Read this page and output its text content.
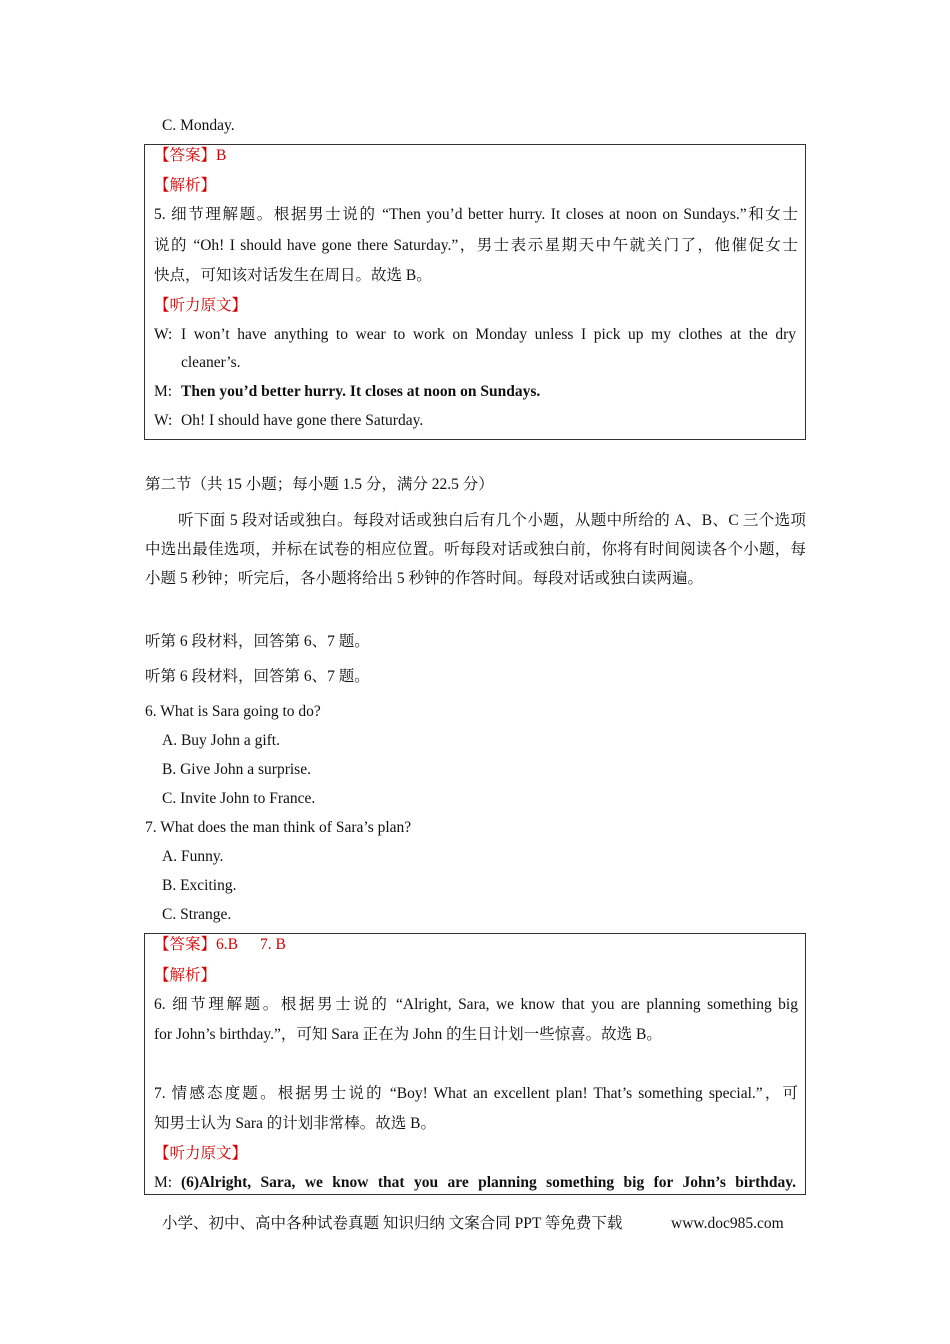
C. Monday.
【答案】B
【解析】
5. 细节理解题。根据男士说的 “Then you’d better hurry. It closes at noon on Sundays.”和女士
说的 “Oh! I should have gone there Saturday.”，男士表示星期天中午就关门了，他催促女士
快点，可知该对话发生在周日。故选 B。
【听力原文】
W: I won’t have anything to wear to work on Monday unless I pick up my clothes at the dry
cleaner’s.
M: Then you’d better hurry. It closes at noon on Sundays.
W: Oh! I should have gone there Saturday.
第二节（共 15 小题；每小题 1.5 分，满分 22.5 分）
听下面 5 段对话或独白。每段对话或独白后有几个小题，从题中所给的 A、B、C 三个选项中选出最佳选项，并标在试卷的相应位置。听每段对话或独白前，你将有时间阅读各个小题，每小题 5 秒钟；听完后，各小题将给出 5 秒钟的作答时间。每段对话或独白读两遍。
听第 6 段材料，回答第 6、7 题。
听第 6 段材料，回答第 6、7 题。
6. What is Sara going to do?
A. Buy John a gift.
B. Give John a surprise.
C. Invite John to France.
7. What does the man think of Sara’s plan?
A. Funny.
B. Exciting.
C. Strange.
【答案】6.B 7. B
【解析】
6. 细节理解题。根据男士说的 “Alright, Sara, we know that you are planning something big
for John’s birthday.”，可知 Sara 正在为 John 的生日计划一些惊喜。故选 B。
7. 情感态度题。根据男士说的 “Boy! What an excellent plan! That’s something special.”，可
知男士认为 Sara 的计划非常棒。故选 B。
【听力原文】
M: (6)Alright, Sara, we know that you are planning something big for John’s birthday.
小学、初中、高中各种试卷真题 知识归纳 文案合同 PPT 等免费下载	www.doc985.com
